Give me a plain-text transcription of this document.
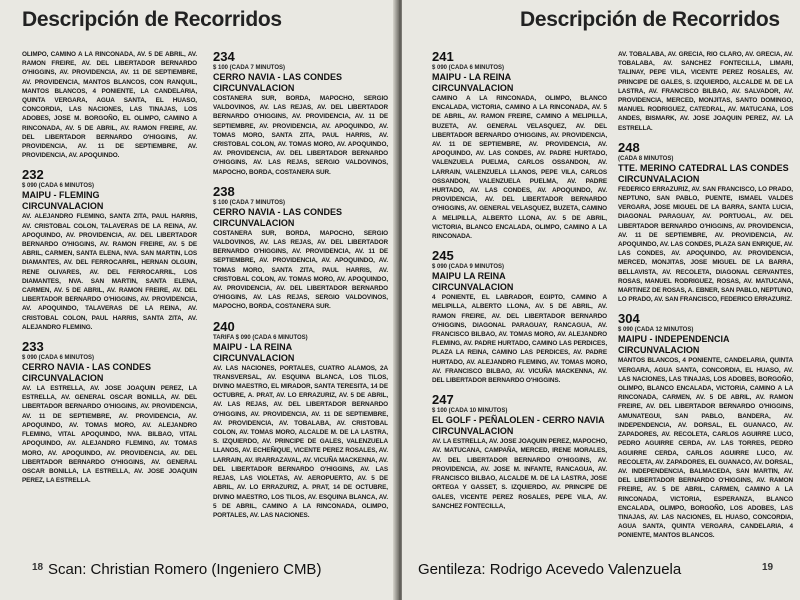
Descripción de Recorridos
OLIMPO, CAMINO A LA RINCONADA, AV. 5 DE ABRIL, AV. RAMON FREIRE, AV. DEL LIBERTADOR BERNARDO O'HIGGINS, AV. PROVIDENCIA, AV. 11 DE SEPTIEMBRE, AV. PROVIDENCIA, MANTOS BLANCOS, CON RANQUIL, MANTOS BLANCOS, 4 PONIENTE, LA CANDELARIA, QUINTA VERGARA, AGUA SANTA, EL HUASO, CONCORDIA, LAS NACIONES, LAS TINAJAS, LOS ADOBES, JOSE M. BORGOÑO, EL OLIMPO, CAMINO A RINCONADA, AV. 5 DE ABRIL, AV. RAMON FREIRE, AV. DEL LIBERTADOR BERNARDO O'HIGGINS, AV. PROVIDENCIA, AV. 11 DE SEPTIEMBRE, AV. PROVIDENCIA, AV. APOQUINDO.
232
$ 090 (CADA 6 MINUTOS)
MAIPU - FLEMING
CIRCUNVALACION
AV. ALEJANDRO FLEMING, SANTA ZITA, PAUL HARRIS, AV. CRISTOBAL COLON, TALAVERAS DE LA REINA, AV. APOQUINDO, AV. PROVIDENCIA, AV. DEL LIBERTADOR BERNARDO O'HIGGINS, AV. RAMON FREIRE, AV. 5 DE ABRIL, CARMEN, SANTA ELENA, NVA. SAN MARTIN, LOS DIAMANTES, AV. DEL FERROCARRIL, HERNAN OLGUIN, RENE OLIVARES, AV. DEL FERROCARRIL, LOS DIAMANTES, NVA. SAN MARTIN, SANTA ELENA, CARMEN, AV. 5 DE ABRIL, AV. RAMON FREIRE, AV. DEL LIBERTADOR BERNARDO O'HIGGINS, AV. PROVIDENCIA, AV. APOQUINDO, TALAVERAS DE LA REINA, AV. CRISTOBAL COLON, PAUL HARRIS, SANTA ZITA, AV. ALEJANDRO FLEMING.
233
$ 090 (CADA 6 MINUTOS)
CERRO NAVIA - LAS CONDES
CIRCUNVALACION
AV. LA ESTRELLA, AV. JOSE JOAQUIN PEREZ, LA ESTRELLA, AV. GENERAL OSCAR BONILLA, AV. DEL LIBERTADOR BERNARDO O'HIGGINS, AV. PROVIDENCIA, AV. 11 DE SEPTIEMBRE, AV. PROVIDENCIA, AV. APOQUINDO, AV. TOMAS MORO, AV. ALEJANDRO FLEMING, VITAL APOQUINDO, NVA. BILBAO, VITAL APOQUINDO, AV. ALEJANDRO FLEMING, AV. TOMAS MORO, AV. APOQUINDO, AV. PROVIDENCIA, AV. DEL LIBERTADOR BERNARDO O'HIGGINS, AV. GENERAL OSCAR BONILLA, LA ESTRELLA, AV. JOSE JOAQUIN PEREZ, LA ESTRELLA.
234
$ 100 (CADA 7 MINUTOS)
CERRO NAVIA - LAS CONDES
CIRCUNVALACION
COSTANERA SUR, BORDA, MAPOCHO, SERGIO VALDOVINOS, AV. LAS REJAS, AV. DEL LIBERTADOR BERNARDO O'HIGGINS, AV. PROVIDENCIA, AV. 11 DE SEPTIEMBRE, AV. PROVIDENCIA, AV. APOQUINDO, AV. TOMAS MORO, SANTA ZITA, PAUL HARRIS, AV. CRISTOBAL COLON, AV. TOMAS MORO, AV. APOQUINDO, AV. PROVIDENCIA, AV. DEL LIBERTADOR BERNARDO O'HIGGINS, AV. LAS REJAS, SERGIO VALDOVINOS, MAPOCHO, BORDA, COSTANERA SUR.
238
$ 100 (CADA 7 MINUTOS)
CERRO NAVIA - LAS CONDES
CIRCUNVALACION
COSTANERA SUR, BORDA, MAPOCHO, SERGIO VALDOVINOS, AV. LAS REJAS, AV. DEL LIBERTADOR BERNARDO O'HIGGINS, AV. PROVIDENCIA, AV. 11 DE SEPTIEMBRE, AV. PROVIDENCIA, AV. APOQUINDO, AV. TOMAS MORO, SANTA ZITA, PAUL HARRIS, AV. CRISTOBAL COLON, AV. TOMAS MORO, AV. APOQUINDO, AV. PROVIDENCIA, AV. DEL LIBERTADOR BERNARDO O'HIGGINS, AV. LAS REJAS, SERGIO VALDOVINOS, MAPOCHO, BORDA, COSTANERA SUR.
240
TARIFA $ 090 (CADA 6 MINUTOS)
MAIPU - LA REINA
CIRCUNVALACION
AV. LAS NACIONES, PORTALES, CUATRO ALAMOS, 2A TRANSVERSAL, AV. ESQUINA BLANCA, LOS TILOS, DIVINO MAESTRO, EL MIRADOR, SANTA TERESITA, 14 DE OCTUBRE, A. PRAT, AV. LO ERRAZURIZ, AV. 5 DE ABRIL, AV. LAS REJAS, AV. DEL LIBERTADOR BERNARDO O'HIGGINS, AV. PROVIDENCIA, AV. 11 DE SEPTIEMBRE, AV. PROVIDENCIA, AV. TOBALABA, AV. CRISTOBAL COLON, AV. TOMAS MORO, ALCALDE M. DE LA LASTRA, S. IZQUIERDO, AV. PRINCIPE DE GALES, VALENZUELA LLANOS, AV. ECHEÑIQUE, VICENTE PEREZ ROSALES, AV. LARRAIN, AV. IRARRAZAVAL, AV. VICUÑA MACKENNA, AV. DEL LIBERTADOR BERNARDO O'HIGGINS, AV. LAS REJAS, LAS VIOLETAS, AV. AEROPUERTO, AV. 5 DE ABRIL, AV. LO ERRAZURIZ, A. PRAT, 14 DE OCTUBRE, DIVINO MAESTRO, LOS TILOS, AV. ESQUINA BLANCA, AV. 5 DE ABRIL, CAMINO A LA RINCONADA, OLIMPO, PORTALES, AV. LAS NACIONES.
18 Scan: Christian Romero (Ingeniero CMB)
Descripción de Recorridos
241
$ 090 (CADA 6 MINUTOS)
MAIPU - LA REINA
CIRCUNVALACION
CAMINO A LA RINCONADA, OLIMPO, BLANCO ENCALADA, VICTORIA, CAMINO A LA RINCONADA, AV. 5 DE ABRIL, AV. RAMON FREIRE, CAMINO A MELIPILLA, BUZETA, AV. GENERAL VELASQUEZ, AV. DEL LIBERTADOR BERNARDO O'HIGGINS, AV. PROVIDENCIA, AV. 11 DE SEPTIEMBRE, AV. PROVIDENCIA, AV. APOQUINDO, AV. LAS CONDES, AV. PADRE HURTADO, VALENZUELA PUELMA, CARLOS OSSANDON, AV. LARRAIN, VALENZUELA LLANOS, PEPE VILA, CARLOS OSSANDON, VALENZUELA PUELMA, AV. PADRE HURTADO, AV. LAS CONDES, AV. APOQUINDO, AV. PROVIDENCIA, AV. DEL LIBERTADOR BERNARDO O'HIGGINS, AV. GENERAL VELASQUEZ, BUZETA, CAMINO A MELIPILLA, ALBERTO LLONA, AV. 5 DE ABRIL, VICTORIA, BLANCO ENCALADA, OLIMPO, CAMINO A LA RINCONADA.
245
$ 090 (CADA 9 MINUTOS)
MAIPU LA REINA
CIRCUNVALACION
4 PONIENTE, EL LABRADOR, EGIPTO, CAMINO A MELIPILLA, ALBERTO LLONA, AV. 5 DE ABRIL, AV. RAMON FREIRE, AV. DEL LIBERTADOR BERNARDO O'HIGGINS, DIAGONAL PARAGUAY, RANCAGUA, AV. FRANCISCO BILBAO, AV. TOMAS MORO, AV. ALEJANDRO FLEMING, AV. PADRE HURTADO, CAMINO LAS PERDICES, PLAZA LA REINA, CAMINO LAS PERDICES, AV. PADRE HURTADO, AV. ALEJANDRO FLEMING, AV. TOMAS MORO, AV. FRANCISCO BILBAO, AV. VICUÑA MACKENNA, AV. DEL LIBERTADOR BERNARDO O'HIGGINS.
247
$ 100 (CADA 10 MINUTOS)
EL GOLF - PEÑALOLEN - CERRO NAVIA
CIRCUNVALACION
AV. LA ESTRELLA, AV. JOSE JOAQUIN PEREZ, MAPOCHO, AV. MATUCANA, CAMPAÑA, MERCED, IRENE MORALES, AV. DEL LIBERTADOR BERNARDO O'HIGGINS, AV. PROVIDENCIA, AV. JOSE M. INFANTE, RANCAGUA, AV. FRANCISCO BILBAO, ALCALDE M. DE LA LASTRA, JOSE ORTEGA Y GASSET, S. IZQUIERDO, AV. PRINCIPE DE GALES, VICENTE PEREZ ROSALES, PEPE VILA, AV. SANCHEZ FONTECILLA,
AV. TOBALABA, AV. GRECIA, RIO CLARO, AV. GRECIA, AV. TOBALABA, AV. SANCHEZ FONTECILLA, LIMARI, TALINAY, PEPE VILA, VICENTE PEREZ ROSALES, AV. PRINCIPE DE GALES, S. IZQUIERDO, ALCALDE M. DE LA LASTRA, AV. FRANCISCO BILBAO, AV. SALVADOR, AV. PROVIDENCIA, MERCED, MONJITAS, SANTO DOMINGO, MANUEL RODRIGUEZ, CATEDRAL, AV. MATUCANA, LOS ANDES, BISMARK, AV. JOSE JOAQUIN PEREZ, AV. LA ESTRELLA.
248
(CADA 8 MINUTOS)
TTE. MERINO CATEDRAL LAS CONDES
CIRCUNVALACION
FEDERICO ERRAZURIZ, AV. SAN FRANCISCO, LO PRADO, NEPTUNO, SAN PABLO, PUENTE, ISMAEL VALDES VERGARA, JOSE MIGUEL DE LA BARRA, SANTA LUCIA, DIAGONAL PARAGUAY, AV. PORTUGAL, AV. DEL LIBERTADOR BERNARDO O'HIGGINS, AV. PROVIDENCIA, AV. 11 DE SEPTIEMBRE, AV. PROVIDENCIA, AV. APOQUINDO, AV. LAS CONDES, PLAZA SAN ENRIQUE, AV. LAS CONDES, AV. APOQUINDO, AV. PROVIDENCIA, MERCED, MONJITAS, JOSE MIGUEL DE LA BARRA, BELLAVISTA, AV. RECOLETA, DIAGONAL CERVANTES, ROSAS, MANUEL RODRIGUEZ, ROSAS, AV. MATUCANA, MARTINEZ DE ROSAS, A. EBNER, SAN PABLO, NEPTUNO, LO PRADO, AV. SAN FRANCISCO, FEDERICO ERRAZURIZ.
304
$ 090 (CADA 12 MINUTOS)
MAIPU - INDEPENDENCIA
CIRCUNVALACION
MANTOS BLANCOS, 4 PONIENTE, CANDELARIA, QUINTA VERGARA, AGUA SANTA, CONCORDIA, EL HUASO, AV. LAS NACIONES, LAS TINAJAS, LOS ADOBES, BORGOÑO, OLIMPO, BLANCO ENCALADA, VICTORIA, CAMINO A LA RINCONADA, CARMEN, AV. 5 DE ABRIL, AV. RAMON FREIRE, AV. DEL LIBERTADOR BERNARDO O'HIGGINS, AMUNATEGUI, SAN PABLO, BANDERA, AV. INDEPENDENCIA, AV. DORSAL, EL GUANACO, AV. ZAPADORES, AV. RECOLETA, CARLOS AGUIRRE LUCO, PEDRO AGUIRRE CERDA, AV. LAS TORRES, PEDRO AGUIRRE CERDA, CARLOS AGUIRRE LUCO, AV. RECOLETA, AV. ZAPADORES, EL GUANACO, AV. DORSAL, AV. INDEPENDENCIA, BALMACEDA, SAN MARTIN, AV. DEL LIBERTADOR BERNARDO O'HIGGINS, AV. RAMON FREIRE, AV. 5 DE ABRIL, CARMEN, CAMINO A LA RINCONADA, VICTORIA, ESPERANZA, BLANCO ENCALADA, OLIMPO, BORGOÑO, LOS ADOBES, LAS TINAJAS, AV. LAS NACIONES, EL HUASO, CONCORDIA, AGUA SANTA, QUINTA VERGARA, CANDELARIA, 4 PONIENTE, MANTOS BLANCOS.
Gentileza: Rodrigo Acevedo Valenzuela	19
